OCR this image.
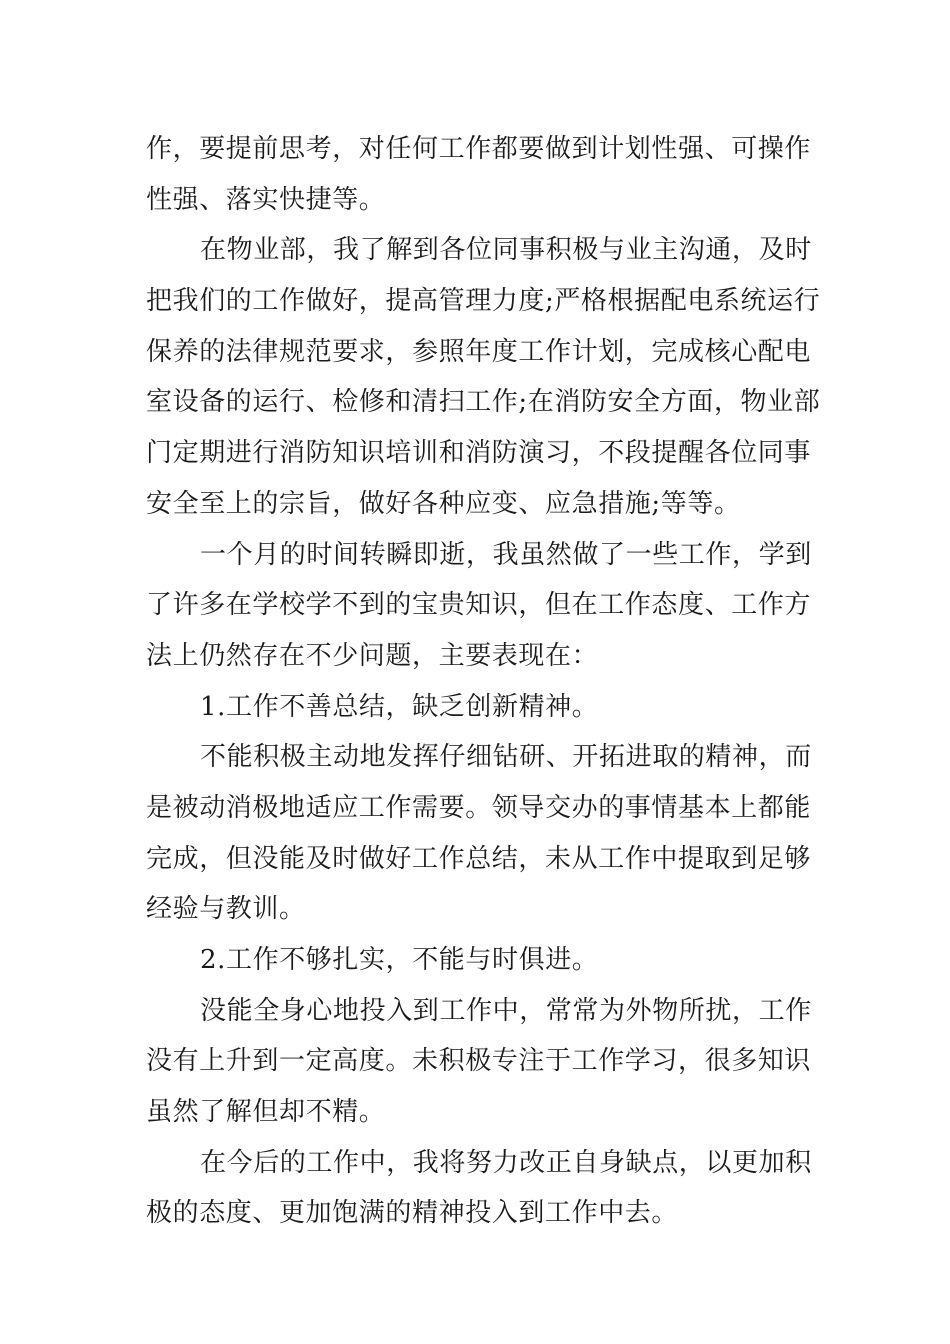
作，要提前思考，对任何工作都要做到计划性强、可操作
性强、落实快捷等。
在物业部，我了解到各位同事积极与业主沟通，及时
把我们的工作做好，提高管理力度;严格根据配电系统运行
保养的法律规范要求，参照年度工作计划，完成核心配电
室设备的运行、检修和清扫工作;在消防安全方面，物业部
门定期进行消防知识培训和消防演习，不段提醒各位同事
安全至上的宗旨，做好各种应变、应急措施;等等。
一个月的时间转瞬即逝，我虽然做了一些工作，学到
了许多在学校学不到的宝贵知识，但在工作态度、工作方
法上仍然存在不少问题，主要表现在：
1.工作不善总结，缺乏创新精神。
不能积极主动地发挥仔细钻研、开拓进取的精神，而
是被动消极地适应工作需要。领导交办的事情基本上都能
完成，但没能及时做好工作总结，未从工作中提取到足够
经验与教训。
2.工作不够扎实，不能与时俱进。
没能全身心地投入到工作中，常常为外物所扰，工作
没有上升到一定高度。未积极专注于工作学习，很多知识
虽然了解但却不精。
在今后的工作中，我将努力改正自身缺点，以更加积
极的态度、更加饱满的精神投入到工作中去。
